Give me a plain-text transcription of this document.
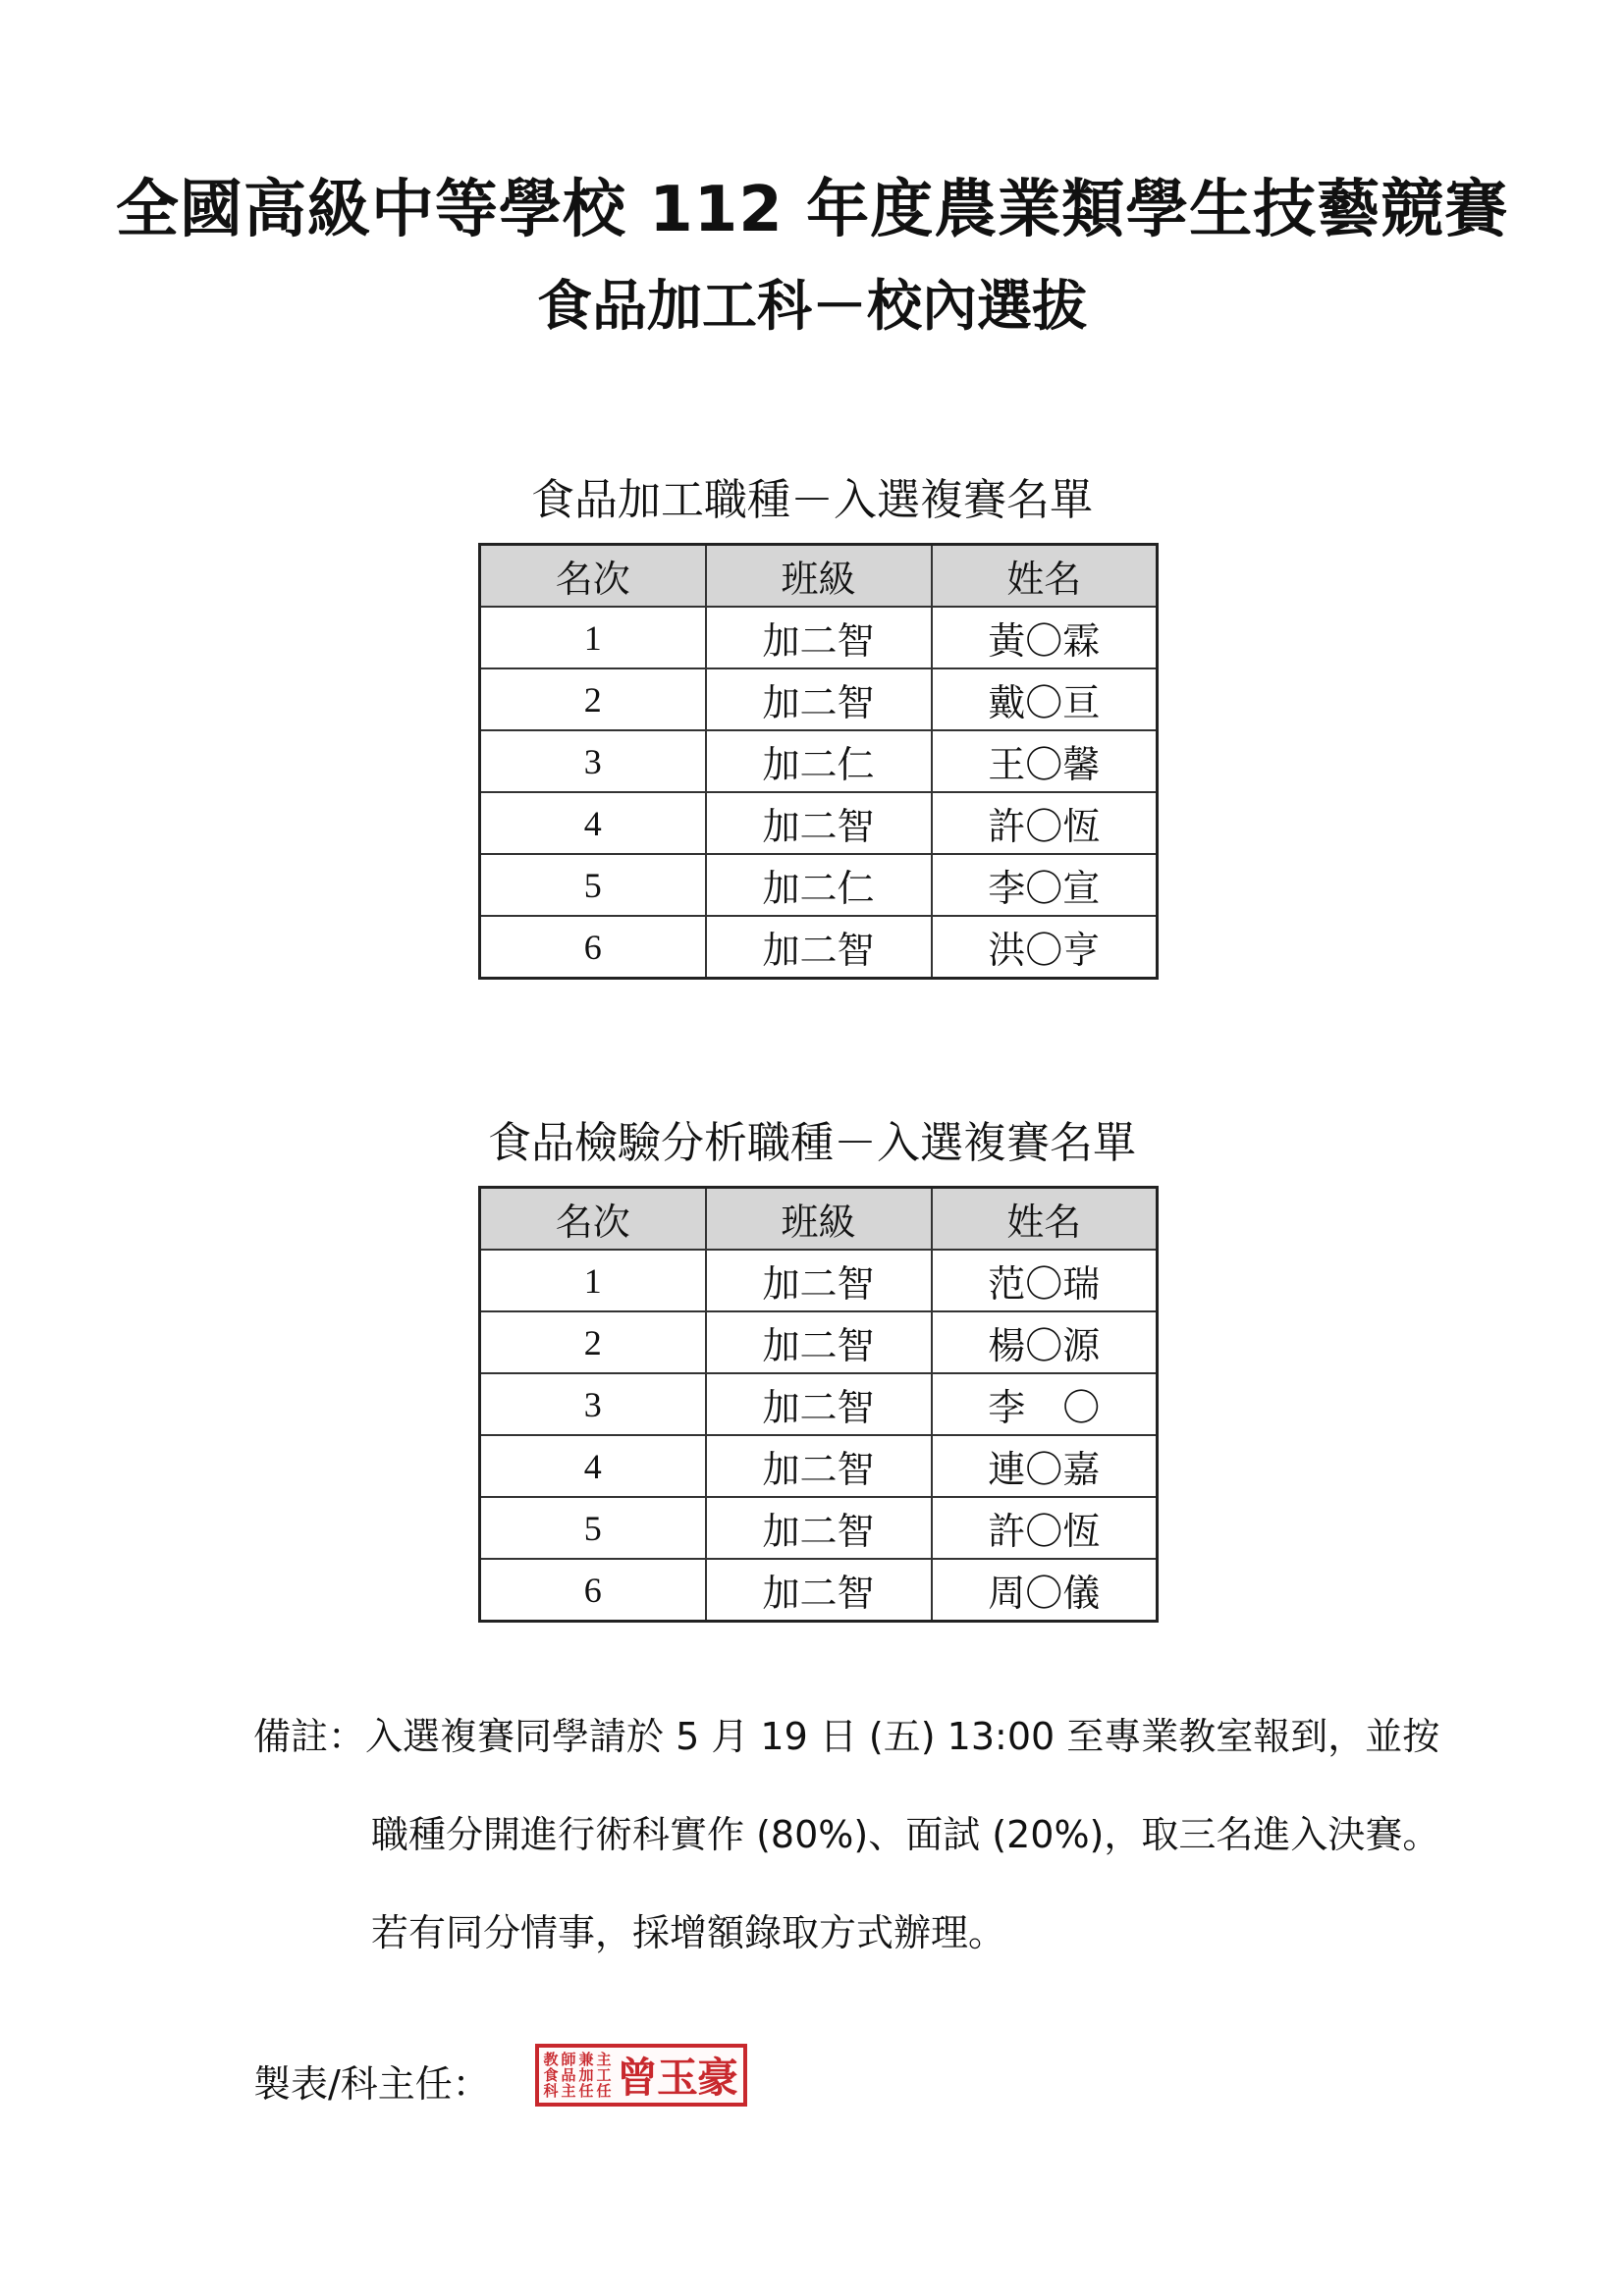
全國高級中等學校 112 年度農業類學生技藝競賽
食品加工科－校內選拔
食品加工職種－入選複賽名單
名次	班級	姓名
1	加二智	黃〇霖
2	加二智	戴〇亘
3	加二仁	王〇馨
4	加二智	許〇恆
5	加二仁	李〇宣
6	加二智	洪〇亨
食品檢驗分析職種－入選複賽名單
名次	班級	姓名
1	加二智	范〇瑞
2	加二智	楊〇源
3	加二智	李　〇
4	加二智	連〇嘉
5	加二智	許〇恆
6	加二智	周〇儀
備註：入選複賽同學請於 5 月 19 日 (五) 13:00 至專業教室報到，並按
職種分開進行術科實作 (80%)、面試 (20%)，取三名進入決賽。
若有同分情事，採增額錄取方式辦理。
製表/科主任：
教
食
科
師
品
主
兼
加
任
主
工
任 曾玉豪
